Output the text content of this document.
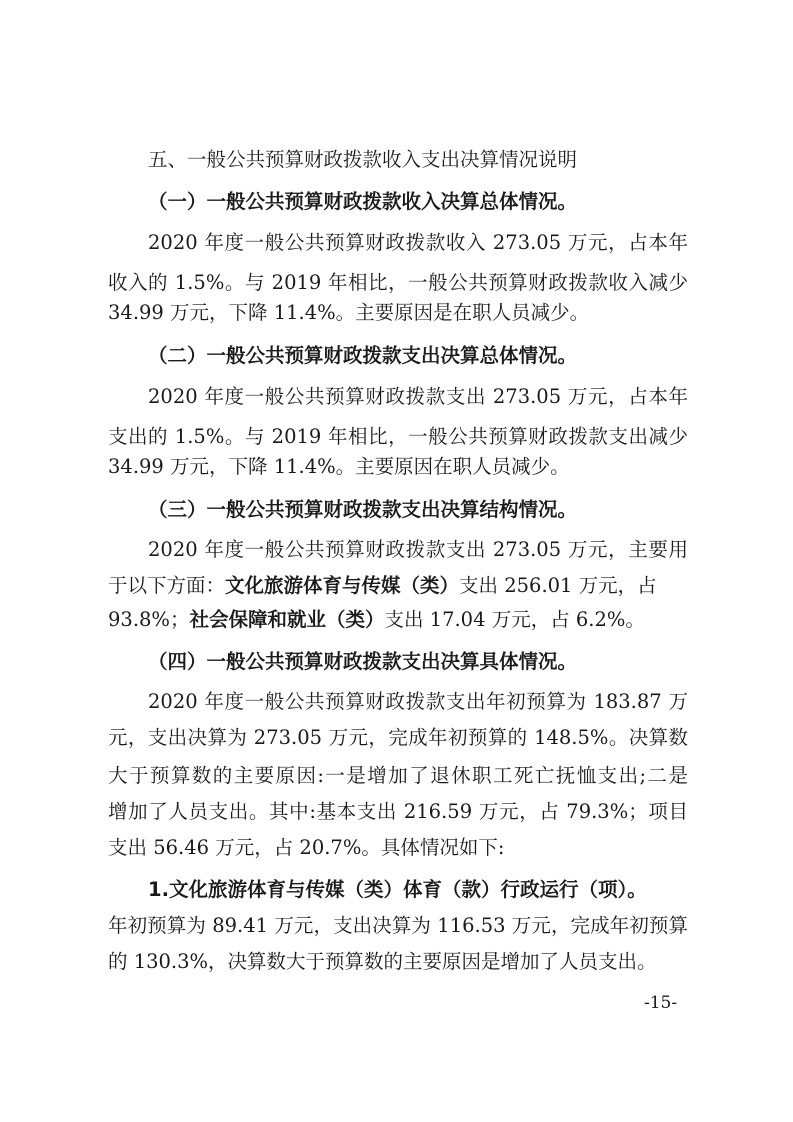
五、一般公共预算财政拨款收入支出决算情况说明
（一）一般公共预算财政拨款收入决算总体情况。
2020 年度一般公共预算财政拨款收入 273.05 万元，占本年
收入的 1.5%。与 2019 年相比，一般公共预算财政拨款收入减少
34.99 万元，下降 11.4%。主要原因是在职人员减少。
（二）一般公共预算财政拨款支出决算总体情况。
2020 年度一般公共预算财政拨款支出 273.05 万元，占本年
支出的 1.5%。与 2019 年相比，一般公共预算财政拨款支出减少
34.99 万元，下降 11.4%。主要原因在职人员减少。
（三）一般公共预算财政拨款支出决算结构情况。
2020 年度一般公共预算财政拨款支出 273.05 万元，主要用
于以下方面：文化旅游体育与传媒（类）支出 256.01 万元，占
93.8%；社会保障和就业（类）支出 17.04 万元，占 6.2%。
（四）一般公共预算财政拨款支出决算具体情况。
2020 年度一般公共预算财政拨款支出年初预算为 183.87 万
元，支出决算为 273.05 万元，完成年初预算的 148.5%。决算数
大于预算数的主要原因:一是增加了退休职工死亡抚恤支出;二是
增加了人员支出。其中:基本支出 216.59 万元，占 79.3%；项目
支出 56.46 万元，占 20.7%。具体情况如下:
1.文化旅游体育与传媒（类）体育（款）行政运行（项）。
年初预算为 89.41 万元，支出决算为 116.53 万元，完成年初预算
的 130.3%，决算数大于预算数的主要原因是增加了人员支出。
-15-
